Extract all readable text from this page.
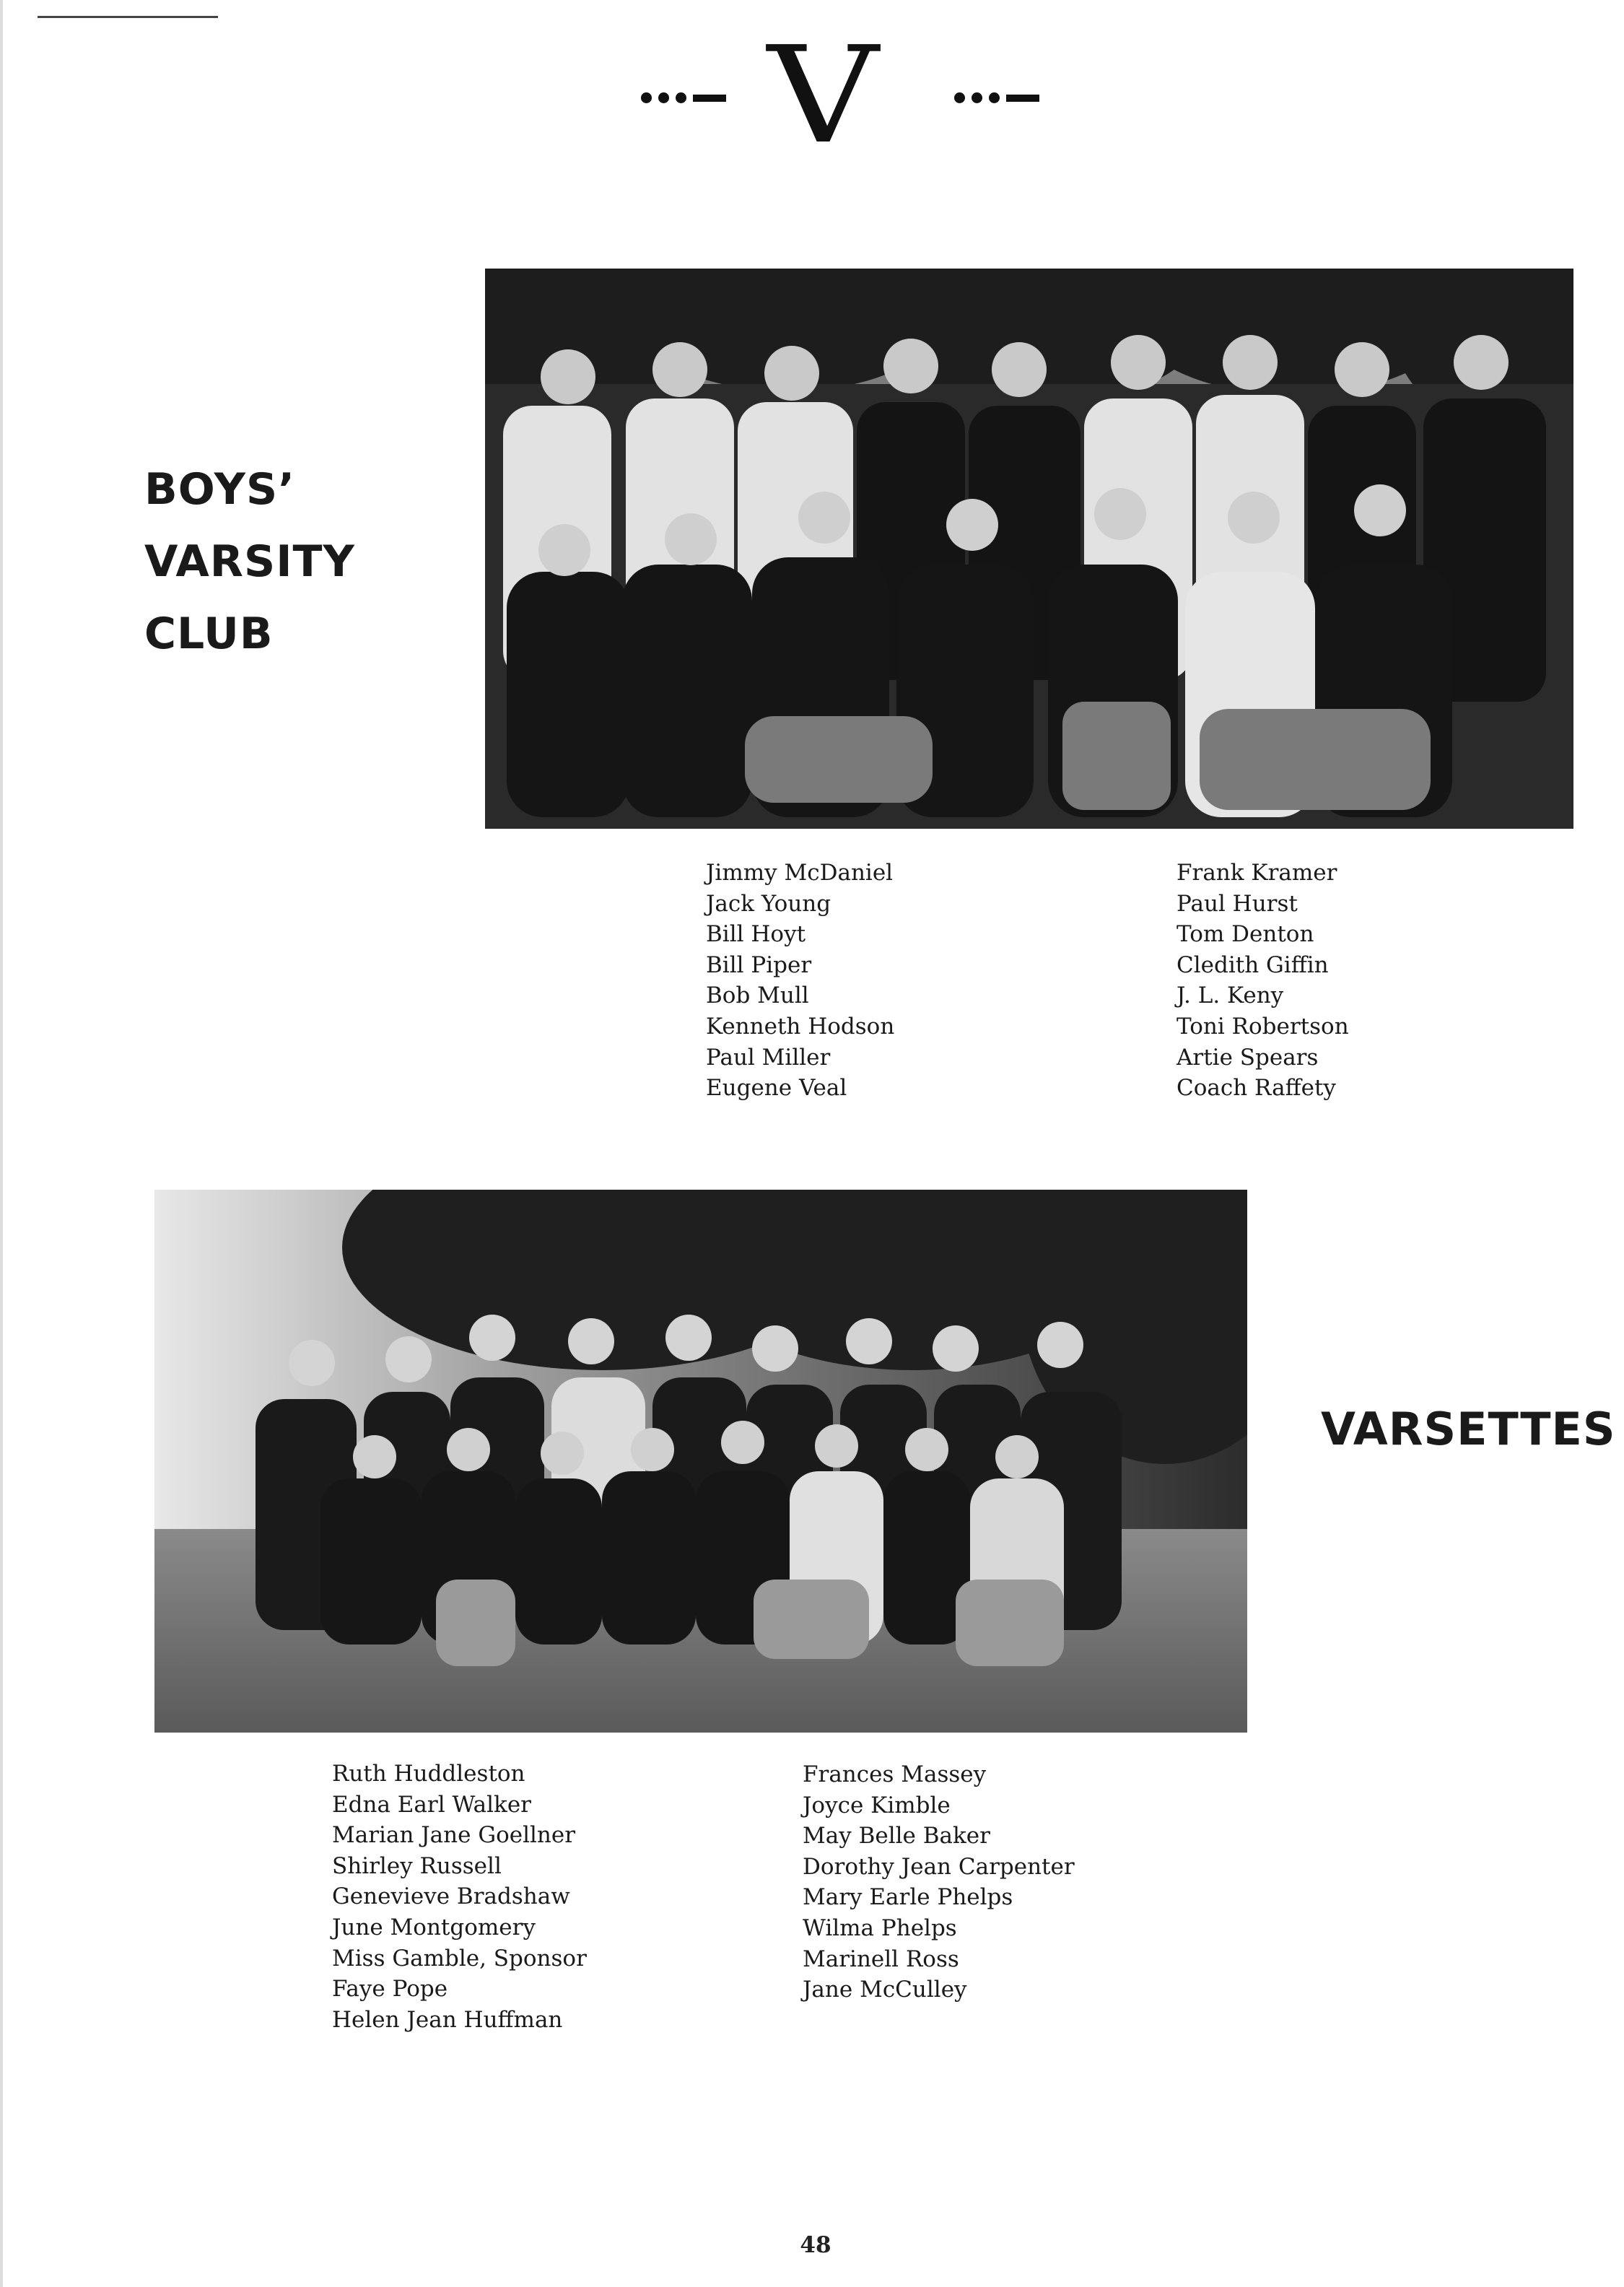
V
BOYS’
VARSITY
CLUB
Jimmy McDaniel
Jack Young
Bill Hoyt
Bill Piper
Bob Mull
Kenneth Hodson
Paul Miller
Eugene Veal
Frank Kramer
Paul Hurst
Tom Denton
Cledith Giffin
J. L. Keny
Toni Robertson
Artie Spears
Coach Raffety
VARSETTES
Ruth Huddleston
Edna Earl Walker
Marian Jane Goellner
Shirley Russell
Genevieve Bradshaw
June Montgomery
Miss Gamble, Sponsor
Faye Pope
Helen Jean Huffman
Frances Massey
Joyce Kimble
May Belle Baker
Dorothy Jean Carpenter
Mary Earle Phelps
Wilma Phelps
Marinell Ross
Jane McCulley
48
